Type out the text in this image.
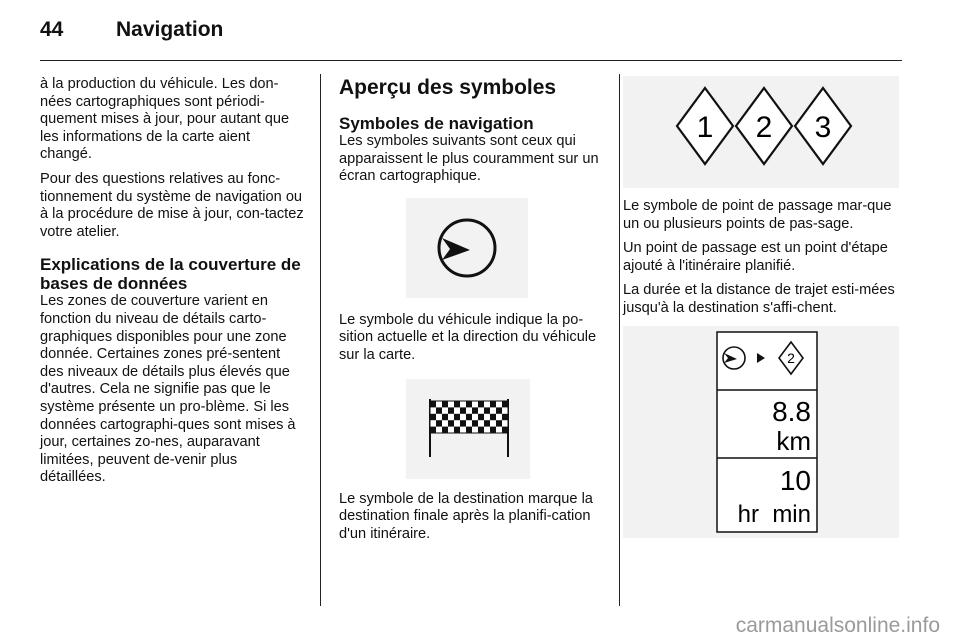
44	Navigation

à la production du véhicule. Les don-nées cartographiques sont périodi-quement mises à jour, pour autant que les informations de la carte aient changé.

Pour des questions relatives au fonc-tionnement du système de navigation ou à la procédure de mise à jour, con-tactez votre atelier.

Explications de la couverture de bases de données

Les zones de couverture varient en fonction du niveau de détails carto-graphiques disponibles pour une zone donnée. Certaines zones pré-sentent des niveaux de détails plus élevés que d'autres. Cela ne signifie pas que le système présente un pro-blème. Si les données cartographi-ques sont mises à jour, certaines zo-nes, auparavant limitées, peuvent de-venir plus détaillées.

Aperçu des symboles
Symboles de navigation

Les symboles suivants sont ceux qui apparaissent le plus couramment sur un écran cartographique.

Le symbole du véhicule indique la po-sition actuelle et la direction du véhicule sur la carte.

Le symbole de la destination marque la destination finale après la planifi-cation d'un itinéraire.

1 2 3

Le symbole de point de passage mar-que un ou plusieurs points de pas-sage.

Un point de passage est un point d'étape ajouté à l'itinéraire planifié.

La durée et la distance de trajet esti-mées jusqu'à la destination s'affi-chent.

2
8.8
km
10
hr  min
carmanualsonline.info
